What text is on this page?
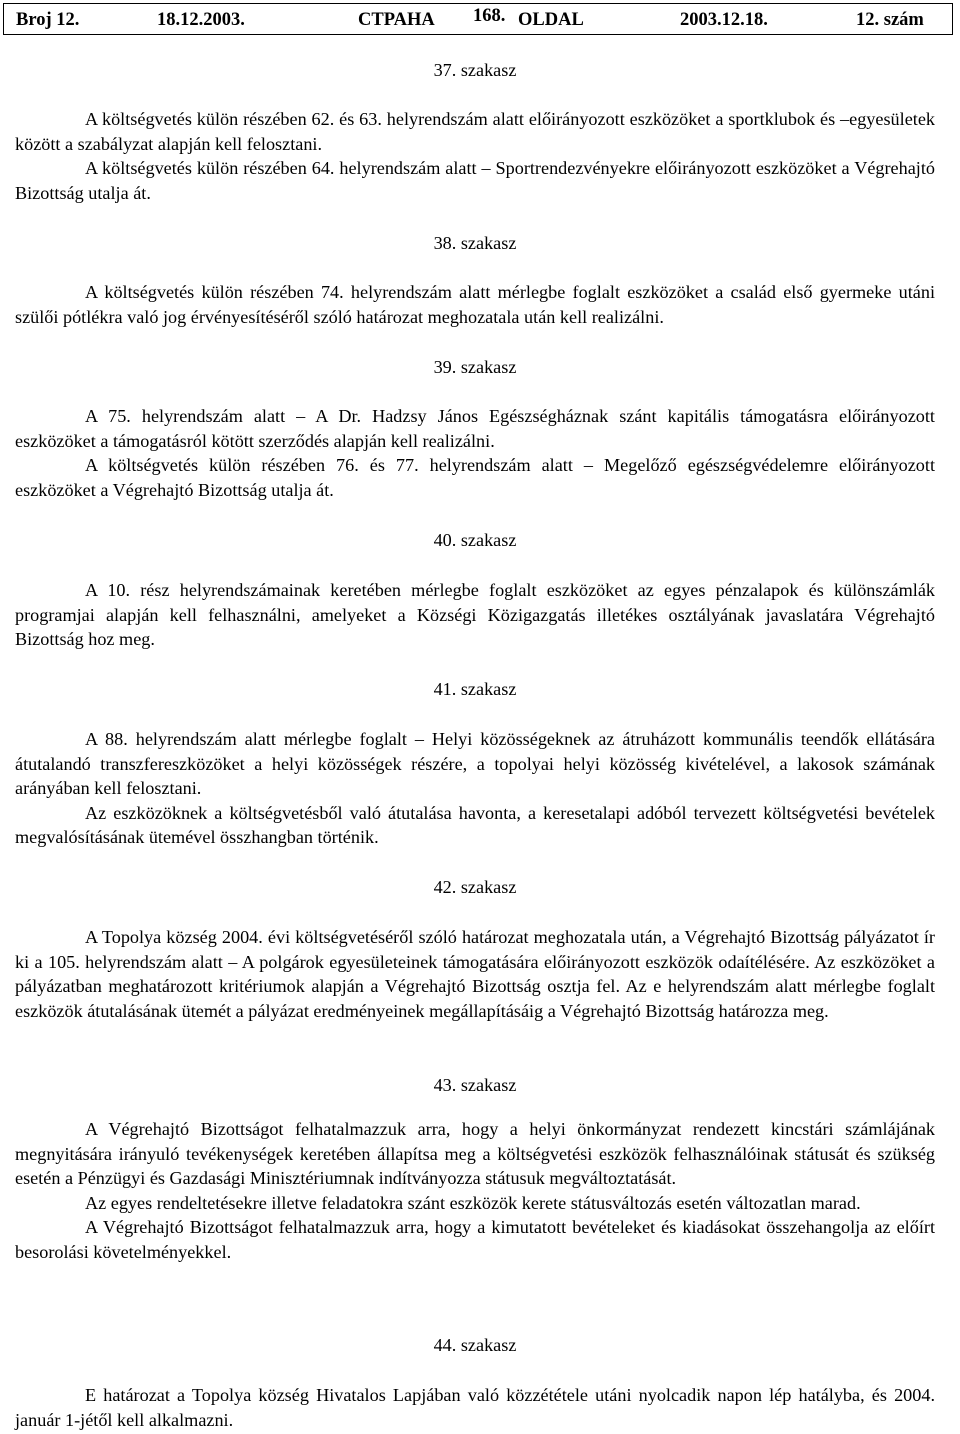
Broj 12.	18.12.2003.	CTPAHA 168. OLDAL	2003.12.18.	12. szám
37. szakasz
A költségvetés külön részében 62. és 63. helyrendszám alatt előirányozott eszközöket a sportklubok és –egyesületek között a szabályzat alapján kell felosztani.
A költségvetés külön részében 64. helyrendszám alatt – Sportrendezvényekre előirányozott eszközöket a Végrehajtó Bizottság utalja át.
38. szakasz
A költségvetés külön részében 74. helyrendszám alatt mérlegbe foglalt eszközöket a család első gyermeke utáni szülői pótlékra való jog érvényesítéséről szóló határozat meghozatala után kell realizálni.
39. szakasz
A 75. helyrendszám alatt – A Dr. Hadzsy János Egészségháznak szánt kapitális támogatásra előirányozott eszközöket a támogatásról kötött szerződés alapján kell realizálni.
A költségvetés külön részében 76. és 77. helyrendszám alatt – Megelőző egészségvédelemre előirányozott eszközöket a Végrehajtó Bizottság utalja át.
40. szakasz
A 10. rész helyrendszámainak keretében mérlegbe foglalt eszközöket az egyes pénzalapok és különszámlák programjai alapján kell felhasználni, amelyeket a Községi Közigazgatás illetékes osztályának javaslatára Végrehajtó Bizottság hoz meg.
41. szakasz
A 88. helyrendszám alatt mérlegbe foglalt – Helyi közösségeknek az átruházott kommunális teendők ellátására átutalandó transzfereszközöket a helyi közösségek részére, a topolyai helyi közösség kivételével, a lakosok számának arányában kell felosztani.
Az eszközöknek a költségvetésből való átutalása havonta, a keresetalapi adóból tervezett költségvetési bevételek megvalósításának ütemével összhangban történik.
42. szakasz
A Topolya község 2004. évi költségvetéséről szóló határozat meghozatala után, a Végrehajtó Bizottság pályázatot ír ki a 105. helyrendszám alatt – A polgárok egyesületeinek támogatására előirányozott eszközök odaítélésére. Az eszközöket a pályázatban meghatározott kritériumok alapján a Végrehajtó Bizottság osztja fel. Az e helyrendszám alatt mérlegbe foglalt eszközök átutalásának ütemét a pályázat eredményeinek megállapításáig a Végrehajtó Bizottság határozza meg.
43. szakasz
A Végrehajtó Bizottságot felhatalmazzuk arra, hogy a helyi önkormányzat rendezett kincstári számlájának megnyitására irányuló tevékenységek keretében állapítsa meg a költségvetési eszközök felhasználóinak státusát és szükség esetén a Pénzügyi és Gazdasági Minisztériumnak indítványozza státusuk megváltoztatását.
Az egyes rendeltetésekre illetve feladatokra szánt eszközök kerete státusváltozás esetén változatlan marad.
A Végrehajtó Bizottságot felhatalmazzuk arra, hogy a kimutatott bevételeket és kiadásokat összehangolja az előírt besorolási követelményekkel.
44. szakasz
E határozat a Topolya község Hivatalos Lapjában való közzététele utáni nyolcadik napon lép hatályba, és 2004. január 1-jétől kell alkalmazni.
